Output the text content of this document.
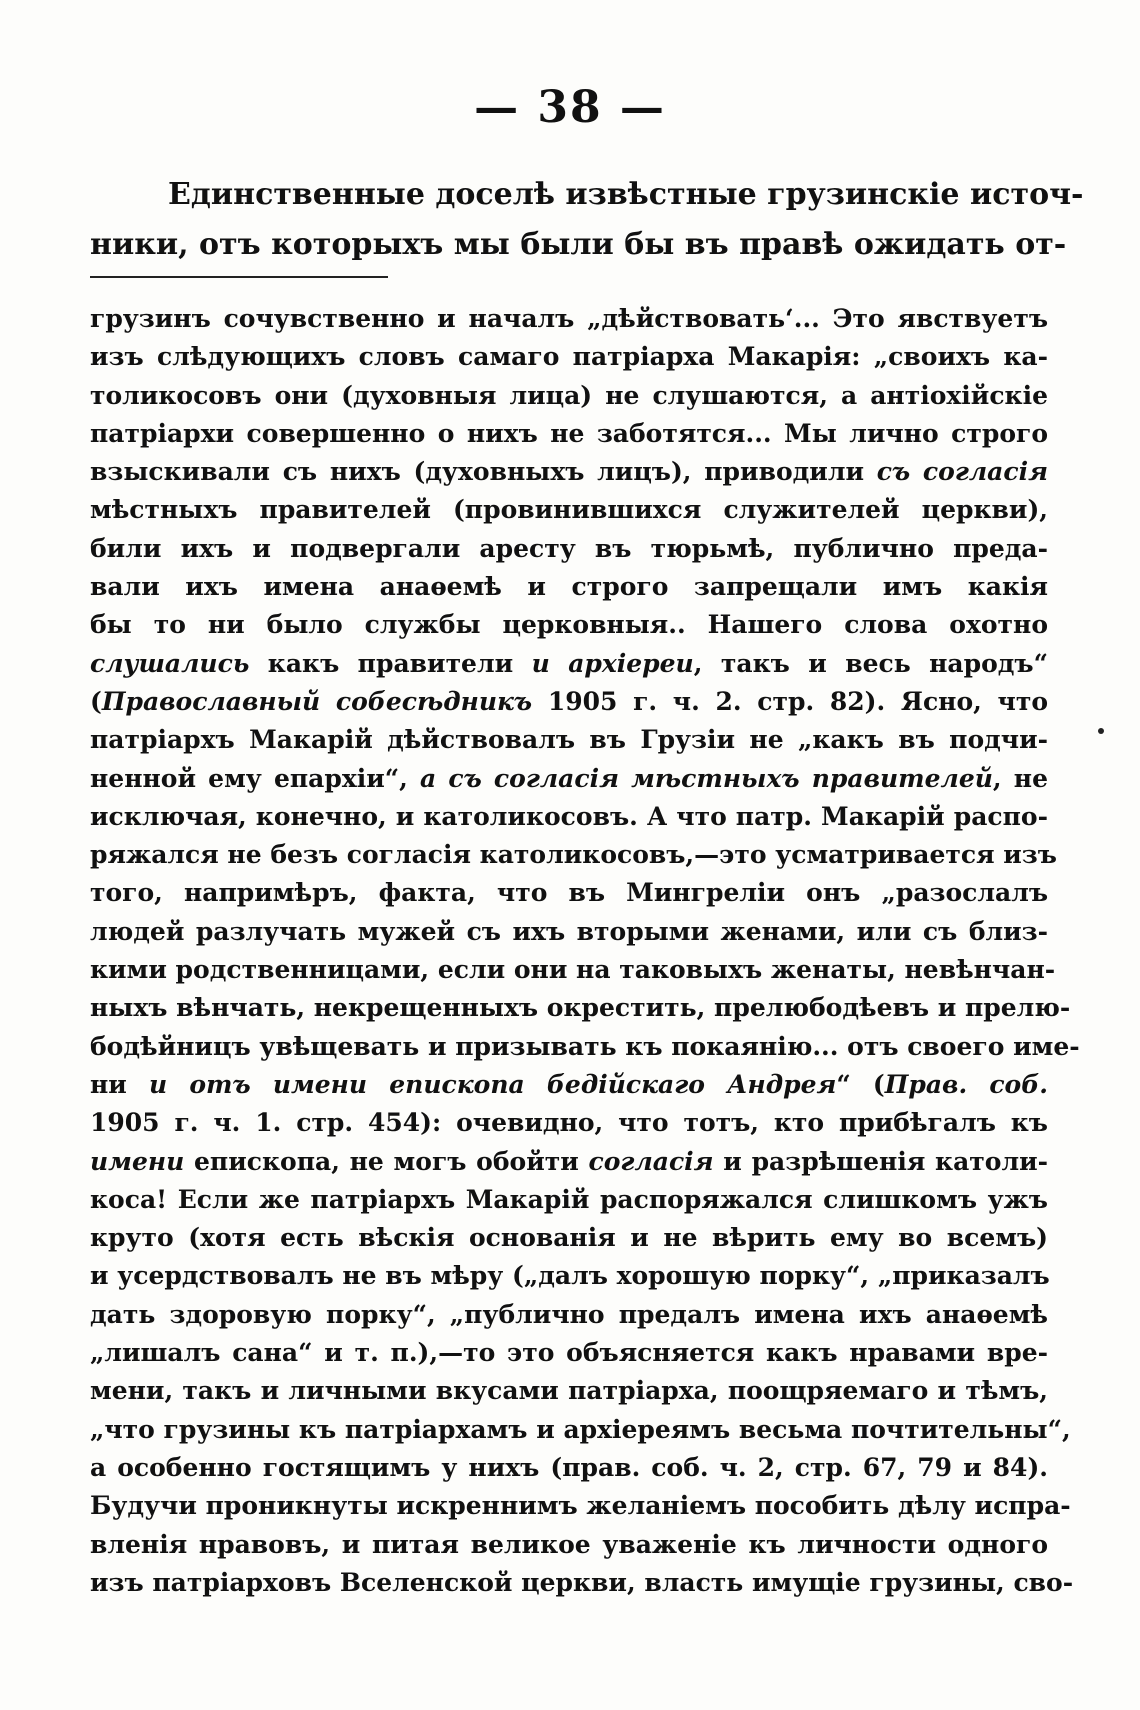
— 38 —
Единственные доселѣ извѣстные грузинскіе источ-
ники, отъ которыхъ мы были бы въ правѣ ожидать от-
грузинъ сочувственно и началъ „дѣйствовать‘... Это явствуетъ
изъ слѣдующихъ словъ самаго патріарха Макарія: „своихъ ка-
толикосовъ они (духовныя лица) не слушаются, а антіохійскіе
патріархи совершенно о нихъ не заботятся... Мы лично строго
взыскивали съ нихъ (духовныхъ лицъ), приводили съ согласія
мѣстныхъ правителей (провинившихся служителей церкви),
били ихъ и подвергали аресту въ тюрьмѣ, публично преда-
вали ихъ имена анаѳемѣ и строго запрещали имъ какія
бы то ни было службы церковныя.. Нашего слова охотно
слушались какъ правители и архіереи, такъ и весь народъ“
(Православный собесѣдникъ 1905 г. ч. 2. стр. 82). Ясно, что
патріархъ Макарій дѣйствовалъ въ Грузіи не „какъ въ подчи-
ненной ему епархіи“, а съ согласія мѣстныхъ правителей, не
исключая, конечно, и католикосовъ. А что патр. Макарій распо-
ряжался не безъ согласія католикосовъ,—это усматривается изъ
того, напримѣръ, факта, что въ Мингреліи онъ „разослалъ
людей разлучать мужей съ ихъ вторыми женами, или съ близ-
кими родственницами, если они на таковыхъ женаты, невѣнчан-
ныхъ вѣнчать, некрещенныхъ окрестить, прелюбодѣевъ и прелю-
бодѣйницъ увѣщевать и призывать къ покаянію... отъ своего име-
ни и отъ имени епископа бедійскаго Андрея“ (Прав. соб.
1905 г. ч. 1. стр. 454): очевидно, что тотъ, кто прибѣгалъ къ
имени епископа, не могъ обойти согласія и разрѣшенія католи-
коса! Если же патріархъ Макарій распоряжался слишкомъ ужъ
круто (хотя есть вѣскія основанія и не вѣрить ему во всемъ)
и усердствовалъ не въ мѣру („далъ хорошую порку“, „приказалъ
дать здоровую порку“, „публично предалъ имена ихъ анаѳемѣ
„лишалъ сана“ и т. п.),—то это объясняется какъ нравами вре-
мени, такъ и личными вкусами патріарха, поощряемаго и тѣмъ,
„что грузины къ патріархамъ и архіереямъ весьма почтительны“,
а особенно гостящимъ у нихъ (прав. соб. ч. 2, стр. 67, 79 и 84).
Будучи проникнуты искреннимъ желаніемъ пособить дѣлу испра-
вленія нравовъ, и питая великое уваженіе къ личности одного
изъ патріарховъ Вселенской церкви, власть имущіе грузины, сво-
